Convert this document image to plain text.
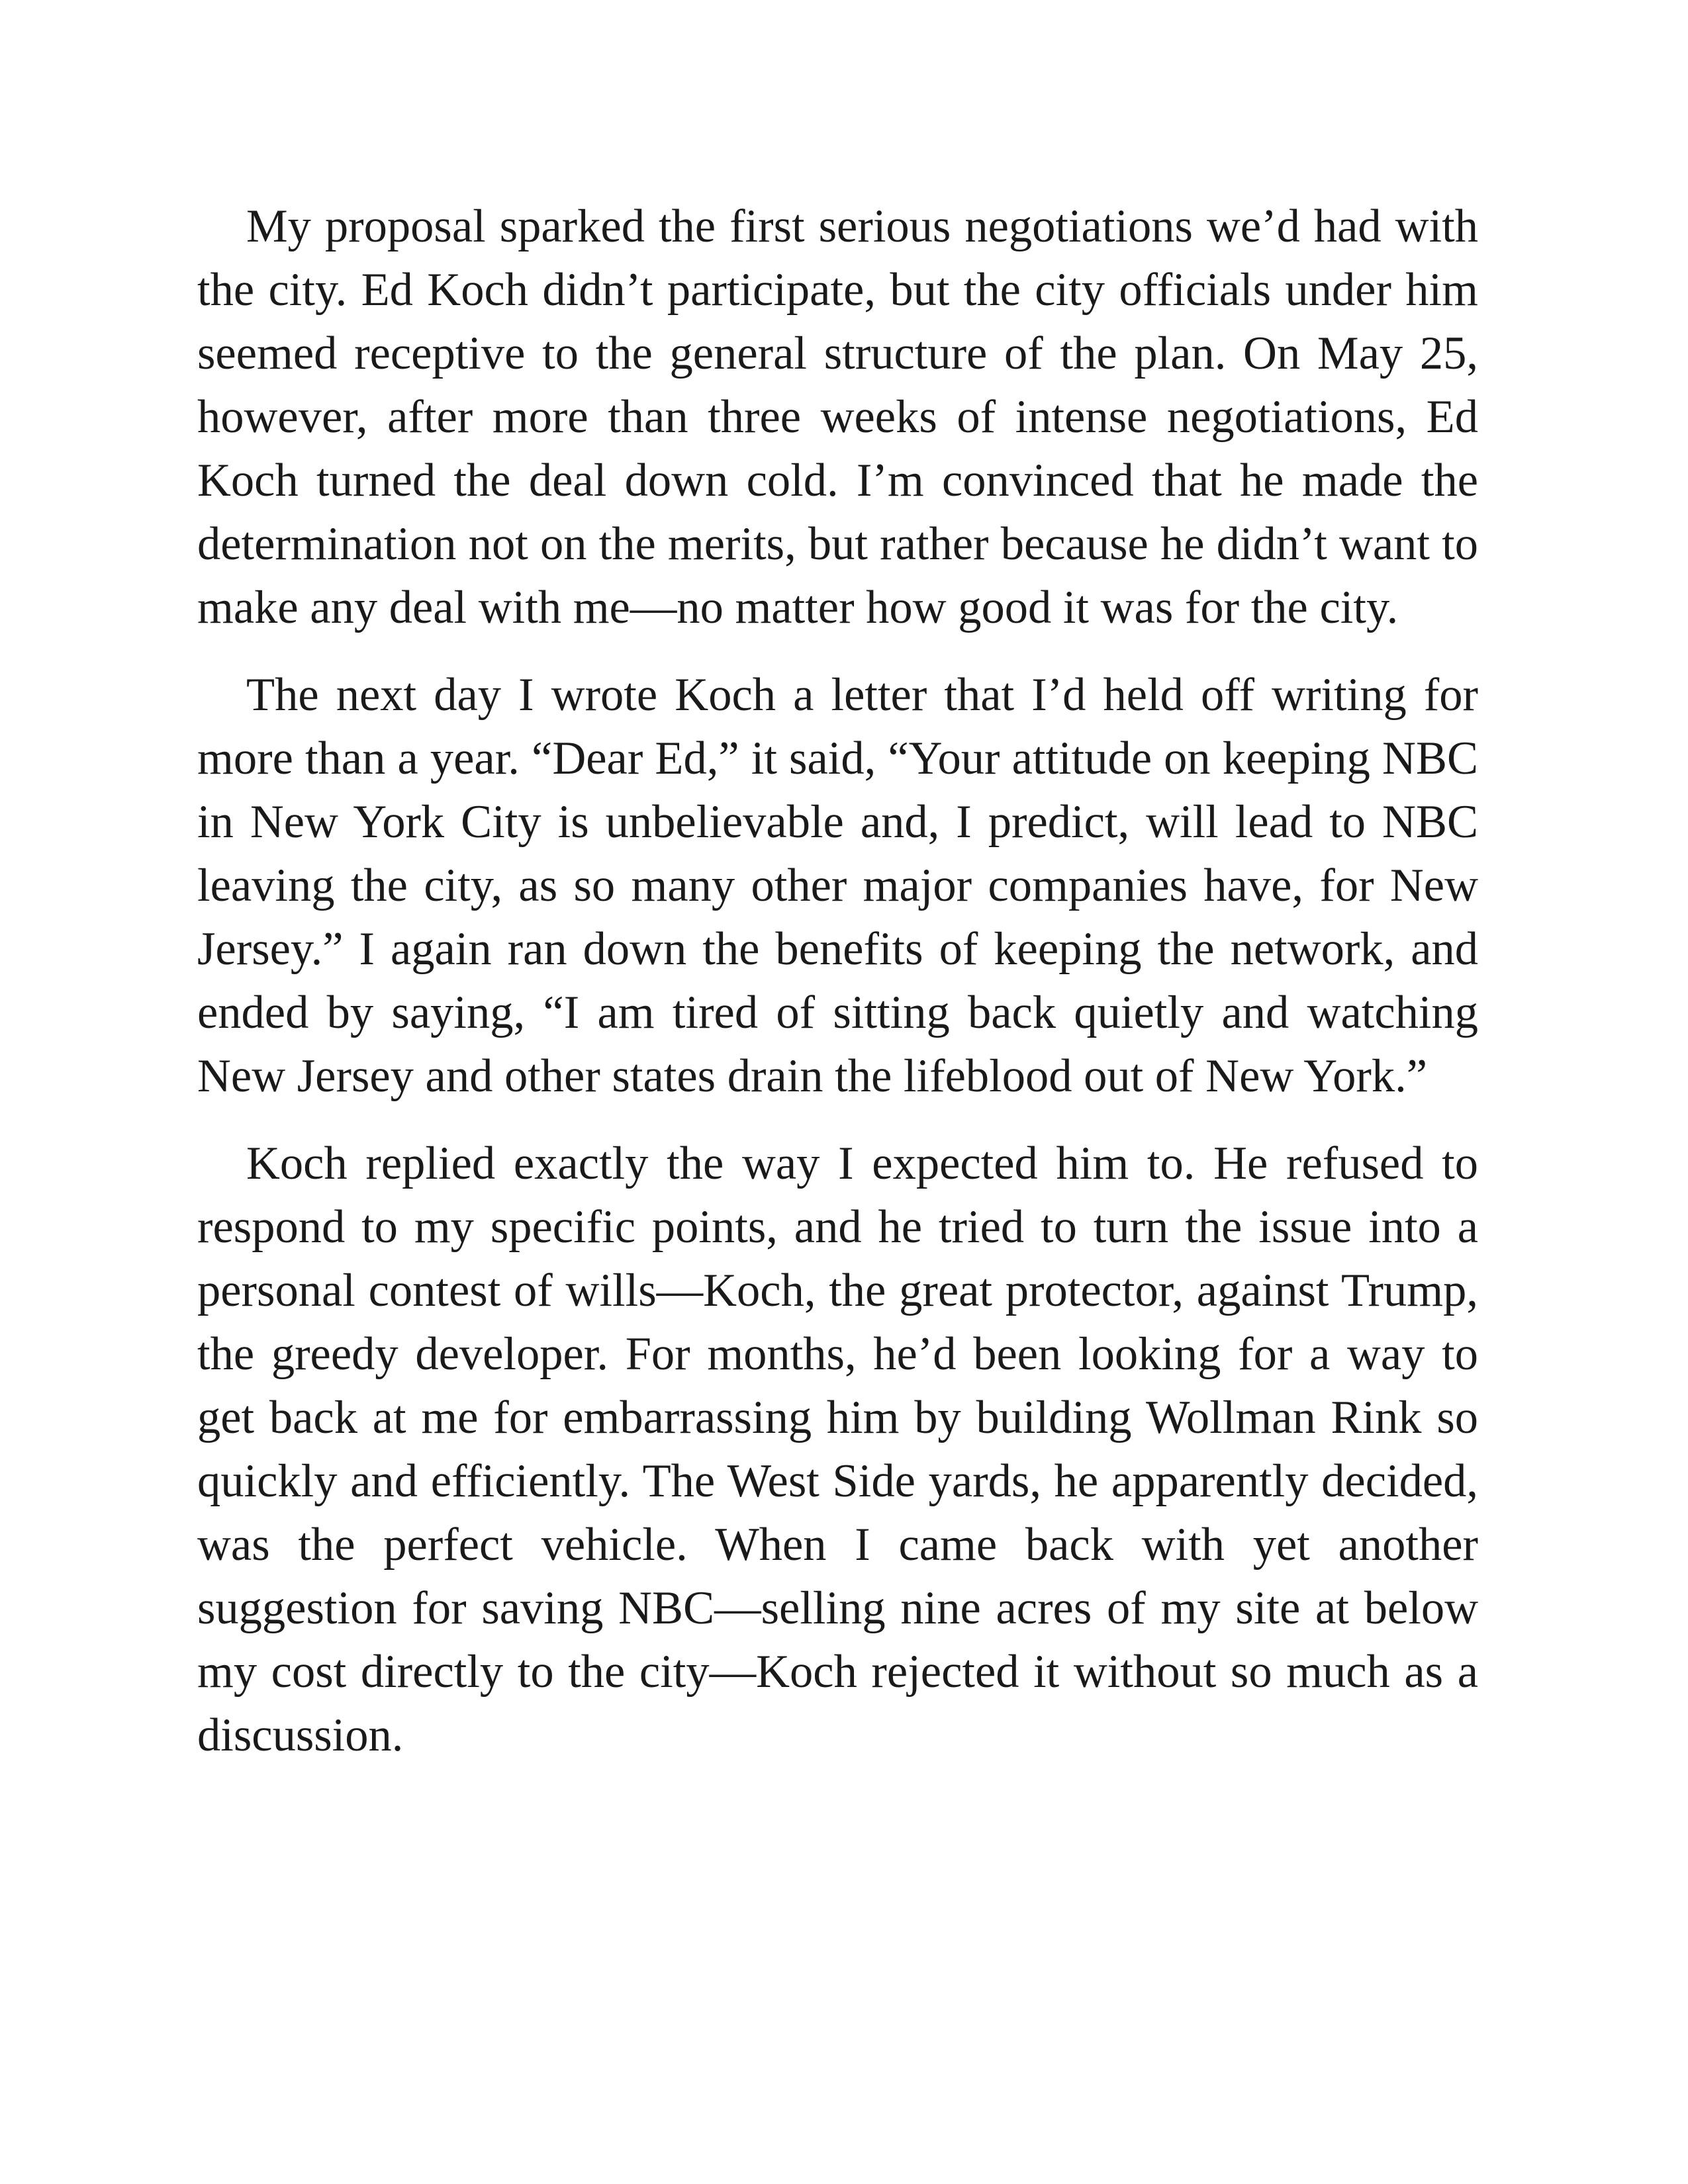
My proposal sparked the first serious negotiations we’d had with the city. Ed Koch didn’t participate, but the city officials under him seemed receptive to the general structure of the plan. On May 25, however, after more than three weeks of intense negotiations, Ed Koch turned the deal down cold. I’m convinced that he made the determination not on the merits, but rather because he didn’t want to make any deal with me—no matter how good it was for the city.

The next day I wrote Koch a letter that I’d held off writing for more than a year. “Dear Ed,” it said, “Your attitude on keeping NBC in New York City is unbelievable and, I predict, will lead to NBC leaving the city, as so many other major companies have, for New Jersey.” I again ran down the benefits of keeping the network, and ended by saying, “I am tired of sitting back quietly and watching New Jersey and other states drain the lifeblood out of New York.”

Koch replied exactly the way I expected him to. He refused to respond to my specific points, and he tried to turn the issue into a personal contest of wills—Koch, the great protector, against Trump, the greedy developer. For months, he’d been looking for a way to get back at me for embarrassing him by building Wollman Rink so quickly and efficiently. The West Side yards, he apparently decided, was the perfect vehicle. When I came back with yet another suggestion for saving NBC—selling nine acres of my site at below my cost directly to the city—Koch rejected it without so much as a discussion.
